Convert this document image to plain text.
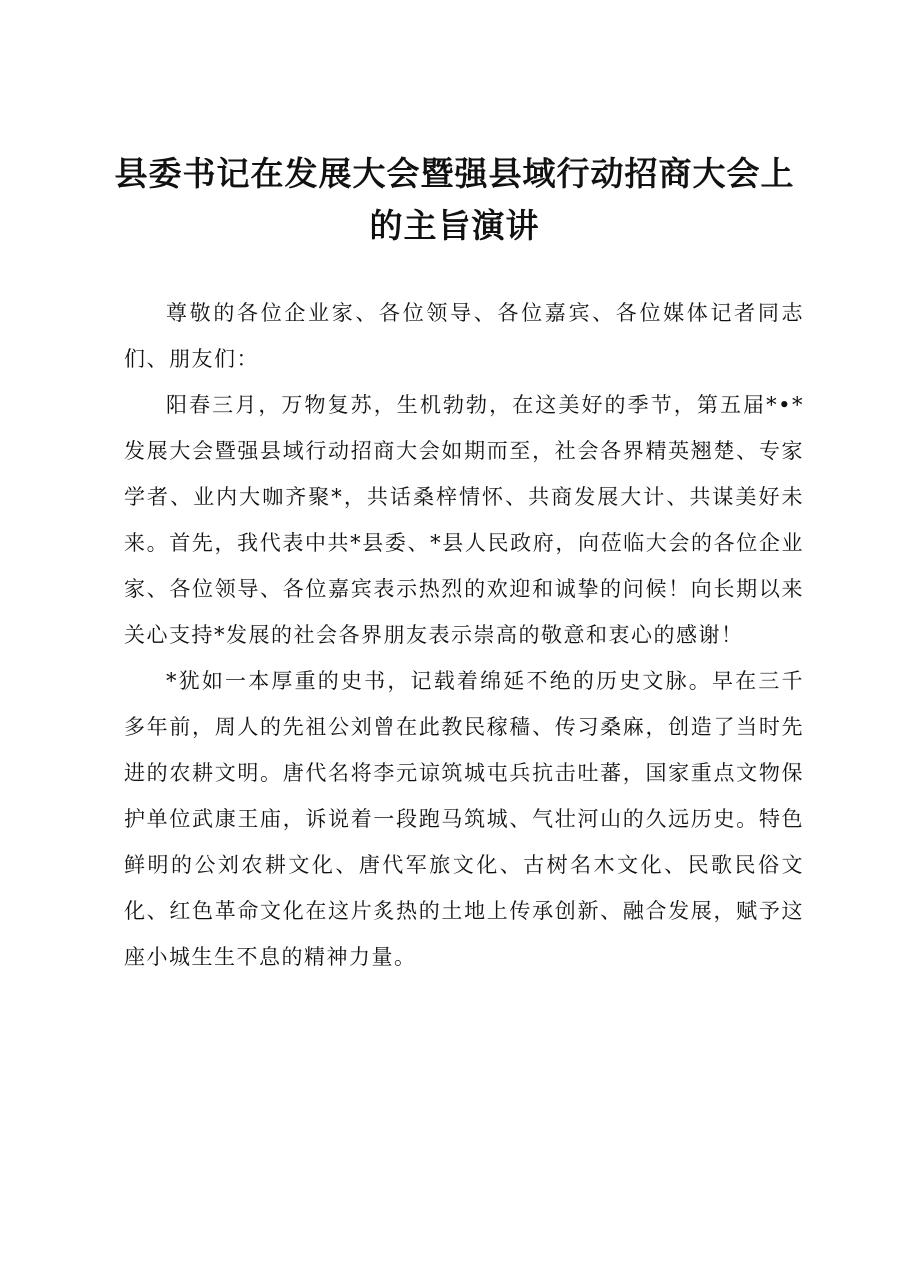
县委书记在发展大会暨强县域行动招商大会上
的主旨演讲

尊敬的各位企业家、各位领导、各位嘉宾、各位媒体记者同志们、朋友们：

阳春三月，万物复苏，生机勃勃，在这美好的季节，第五届*•*发展大会暨强县域行动招商大会如期而至，社会各界精英翘楚、专家学者、业内大咖齐聚*，共话桑梓情怀、共商发展大计、共谋美好未来。首先，我代表中共*县委、*县人民政府，向莅临大会的各位企业家、各位领导、各位嘉宾表示热烈的欢迎和诚挚的问候！向长期以来关心支持*发展的社会各界朋友表示崇高的敬意和衷心的感谢！

*犹如一本厚重的史书，记载着绵延不绝的历史文脉。早在三千多年前，周人的先祖公刘曾在此教民稼穑、传习桑麻，创造了当时先进的农耕文明。唐代名将李元谅筑城屯兵抗击吐蕃，国家重点文物保护单位武康王庙，诉说着一段跑马筑城、气壮河山的久远历史。特色鲜明的公刘农耕文化、唐代军旅文化、古树名木文化、民歌民俗文化、红色革命文化在这片炙热的土地上传承创新、融合发展，赋予这座小城生生不息的精神力量。
